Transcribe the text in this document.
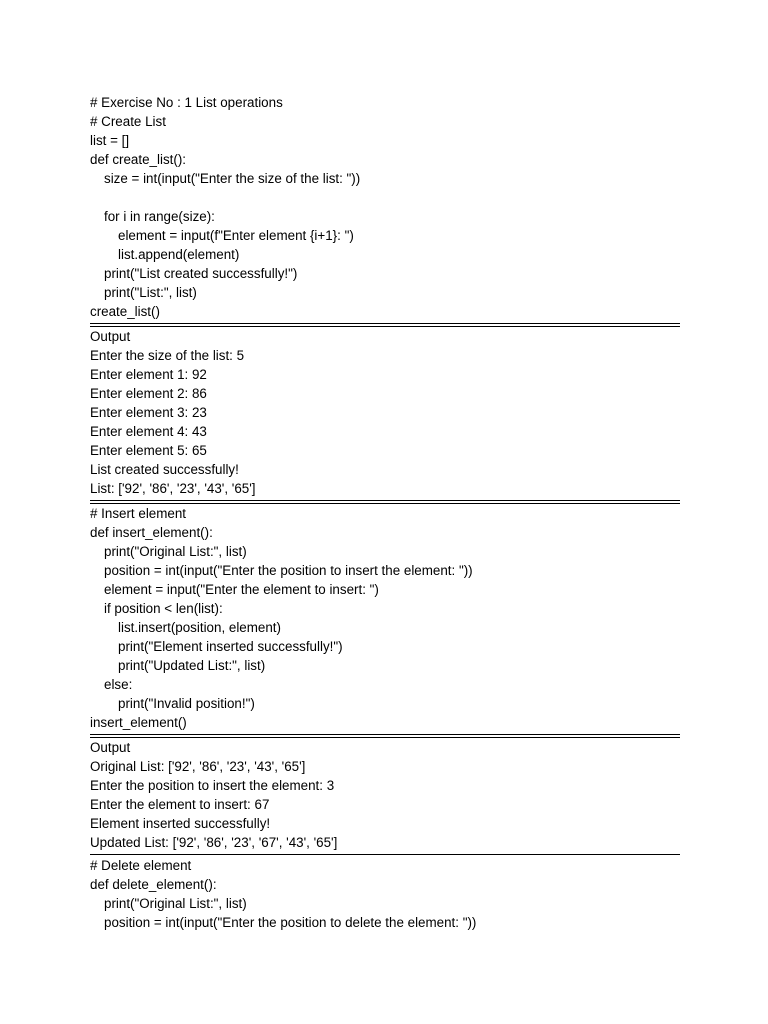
# Exercise No : 1 List operations
# Create List
list = []
def create_list():
size = int(input("Enter the size of the list: "))
for i in range(size):
element = input(f"Enter element {i+1}: ")
list.append(element)
print("List created successfully!")
print("List:", list)
create_list()
Output
Enter the size of the list: 5
Enter element 1: 92
Enter element 2: 86
Enter element 3: 23
Enter element 4: 43
Enter element 5: 65
List created successfully!
List: ['92', '86', '23', '43', '65']
# Insert element
def insert_element():
print("Original List:", list)
position = int(input("Enter the position to insert the element: "))
element = input("Enter the element to insert: ")
if position < len(list):
list.insert(position, element)
print("Element inserted successfully!")
print("Updated List:", list)
else:
print("Invalid position!")
insert_element()
Output
Original List: ['92', '86', '23', '43', '65']
Enter the position to insert the element: 3
Enter the element to insert: 67
Element inserted successfully!
Updated List: ['92', '86', '23', '67', '43', '65']
# Delete element
def delete_element():
print("Original List:", list)
position = int(input("Enter the position to delete the element: "))
